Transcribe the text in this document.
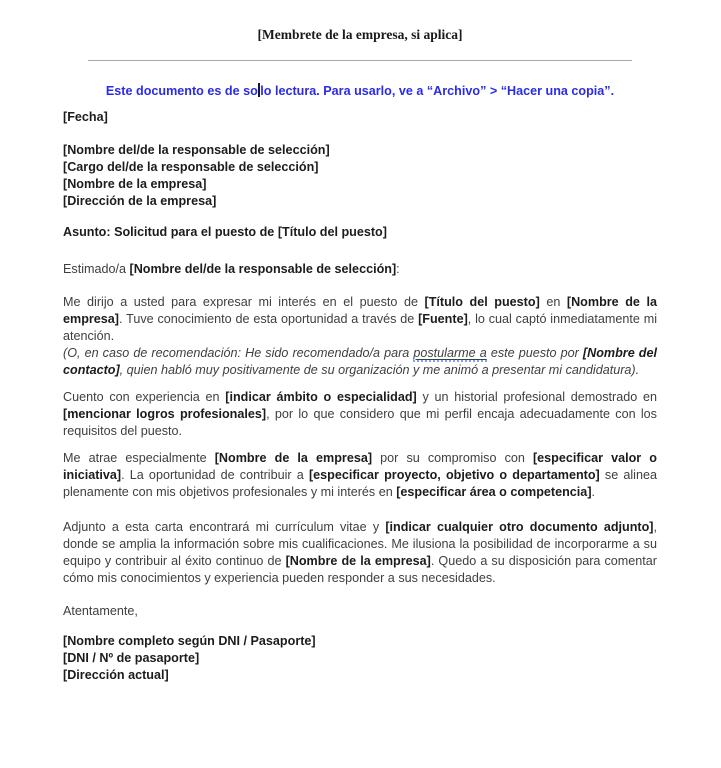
[Membrete de la empresa, si aplica]

Este documento es de so lo lectura. Para usarlo, ve a “Archivo” > “Hacer una copia”.

[Fecha]

[Nombre del/de la responsable de selección]

[Cargo del/de la responsable de selección]

[Nombre de la empresa]

[Dirección de la empresa]

Asunto: Solicitud para el puesto de [Título del puesto]

Estimado/a [Nombre del/de la responsable de selección]:

Me dirijo a usted para expresar mi interés en el puesto de [Título del puesto] en [Nombre de la empresa]. Tuve conocimiento de esta oportunidad a través de [Fuente], lo cual captó inmediatamente mi atención.

(O, en caso de recomendación: He sido recomendado/a para postularme a este puesto por [Nombre del contacto], quien habló muy positivamente de su organización y me animó a presentar mi candidatura).

Cuento con experiencia en [indicar ámbito o especialidad] y un historial profesional demostrado en [mencionar logros profesionales], por lo que considero que mi perfil encaja adecuadamente con los requisitos del puesto.

Me atrae especialmente [Nombre de la empresa] por su compromiso con [especificar valor o iniciativa]. La oportunidad de contribuir a [especificar proyecto, objetivo o departamento] se alinea plenamente con mis objetivos profesionales y mi interés en [especificar área o competencia].

Adjunto a esta carta encontrará mi currículum vitae y [indicar cualquier otro documento adjunto], donde se amplia la información sobre mis cualificaciones. Me ilusiona la posibilidad de incorporarme a su equipo y contribuir al éxito continuo de [Nombre de la empresa]. Quedo a su disposición para comentar cómo mis conocimientos y experiencia pueden responder a sus necesidades.

Atentamente,

[Nombre completo según DNI / Pasaporte]

[DNI / Nº de pasaporte]

[Dirección actual]
